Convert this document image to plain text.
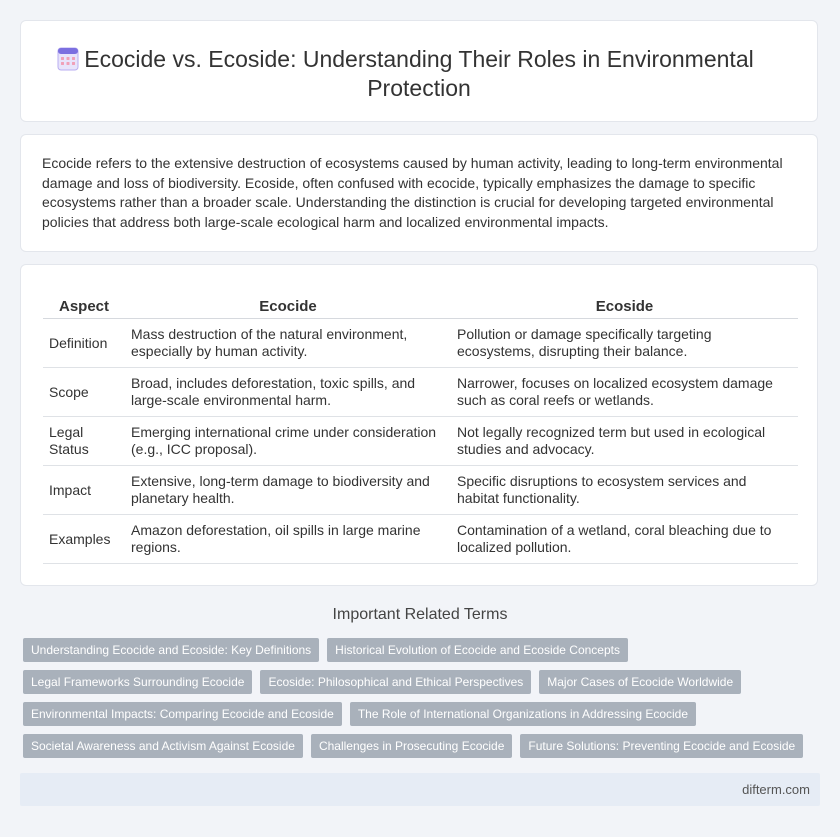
Ecocide vs. Ecoside: Understanding Their Roles in Environmental
Protection

Ecocide refers to the extensive destruction of ecosystems caused by human activity, leading to long-term environmental damage and loss of biodiversity. Ecoside, often confused with ecocide, typically emphasizes the damage to specific ecosystems rather than a broader scale. Understanding the distinction is crucial for developing targeted environmental policies that address both large-scale ecological harm and localized environmental impacts.

Aspect	Ecocide	Ecoside
Definition	Mass destruction of the natural environment, especially by human activity.	Pollution or damage specifically targeting ecosystems, disrupting their balance.
Scope	Broad, includes deforestation, toxic spills, and large-scale environmental harm.	Narrower, focuses on localized ecosystem damage such as coral reefs or wetlands.
Legal Status	Emerging international crime under consideration (e.g., ICC proposal).	Not legally recognized term but used in ecological studies and advocacy.
Impact	Extensive, long-term damage to biodiversity and planetary health.	Specific disruptions to ecosystem services and habitat functionality.
Examples	Amazon deforestation, oil spills in large marine regions.	Contamination of a wetland, coral bleaching due to localized pollution.
Important Related Terms
Understanding Ecocide and Ecoside: Key Definitions	Historical Evolution of Ecocide and Ecoside Concepts
Legal Frameworks Surrounding Ecocide	Ecoside: Philosophical and Ethical Perspectives	Major Cases of Ecocide Worldwide
Environmental Impacts: Comparing Ecocide and Ecoside	The Role of International Organizations in Addressing Ecocide
Societal Awareness and Activism Against Ecoside	Challenges in Prosecuting Ecocide	Future Solutions: Preventing Ecocide and Ecoside
difterm.com
